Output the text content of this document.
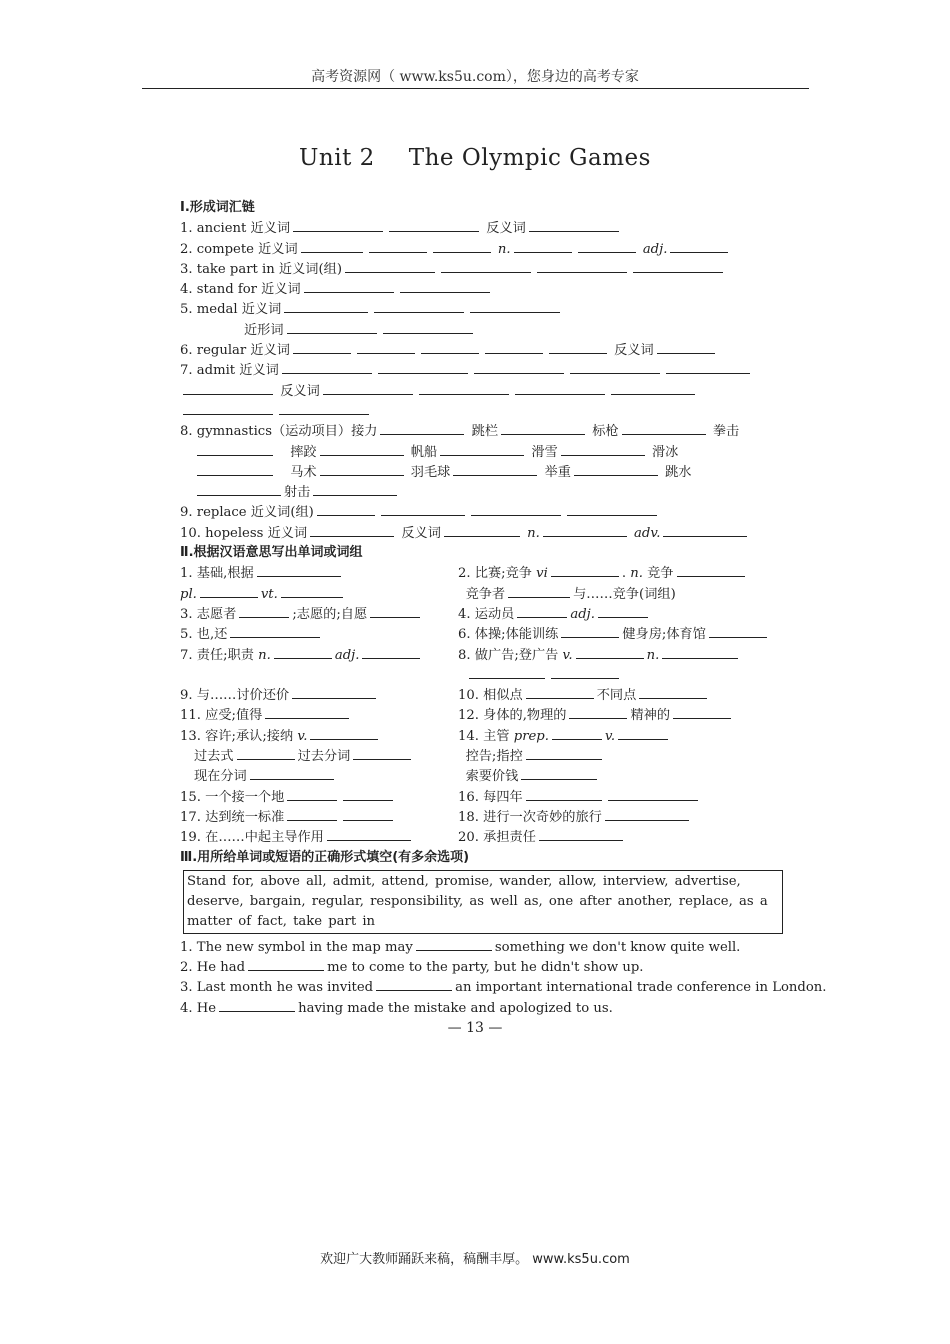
高考资源网（ www.ks5u.com），您身边的高考专家
Unit 2 The Olympic Games
Ⅰ.形成词汇链
1. ancient 近义词	反义词
2. compete 近义词	n.	adj.
3. take part in 近义词(组)
4. stand for 近义词
5. medal 近义词
近形词
6. regular 近义词	反义词
7. admit 近义词
反义词
8. gymnastics（运动项目）接力	跳栏	标枪	拳击
摔跤	帆船	滑雪	滑冰
马术	羽毛球	举重	跳水
射击
9. replace 近义词(组)
10. hopeless 近义词	反义词	n.	adv.
Ⅱ.根据汉语意思写出单词或词组
1. 基础,根据	2. 比赛;竞争 vi	. n. 竞争
pl.	vt.	竞争者	与……竞争(词组)
3. 志愿者	;志愿的;自愿	4. 运动员	adj.
5. 也,还	6. 体操;体能训练	健身房;体育馆
7. 责任;职责 n.	adj.	8. 做广告;登广告 v.	n.
9. 与……讨价还价	10. 相似点	不同点
11. 应受;值得	12. 身体的,物理的	精神的
13. 容许;承认;接纳 v.	14. 主管 prep.	v.
过去式	过去分词	控告;指控
现在分词	索要价钱
15. 一个接一个地	16. 每四年
17. 达到统一标准	18. 进行一次奇妙的旅行
19. 在……中起主导作用	20. 承担责任
Ⅲ.用所给单词或短语的正确形式填空(有多余选项)
Stand for, above all, admit, attend, promise, wander, allow, interview, advertise, deserve, bargain, regular, responsibility, as well as, one after another, replace, as a matter of fact, take part in
1. The new symbol in the map may	something we don't know quite well.
2. He had	me to come to the party, but he didn't show up.
3. Last month he was invited	an important international trade conference in London.
4. He	having made the mistake and apologized to us.
— 13 —
欢迎广大教师踊跃来稿，稿酬丰厚。 www.ks5u.com
